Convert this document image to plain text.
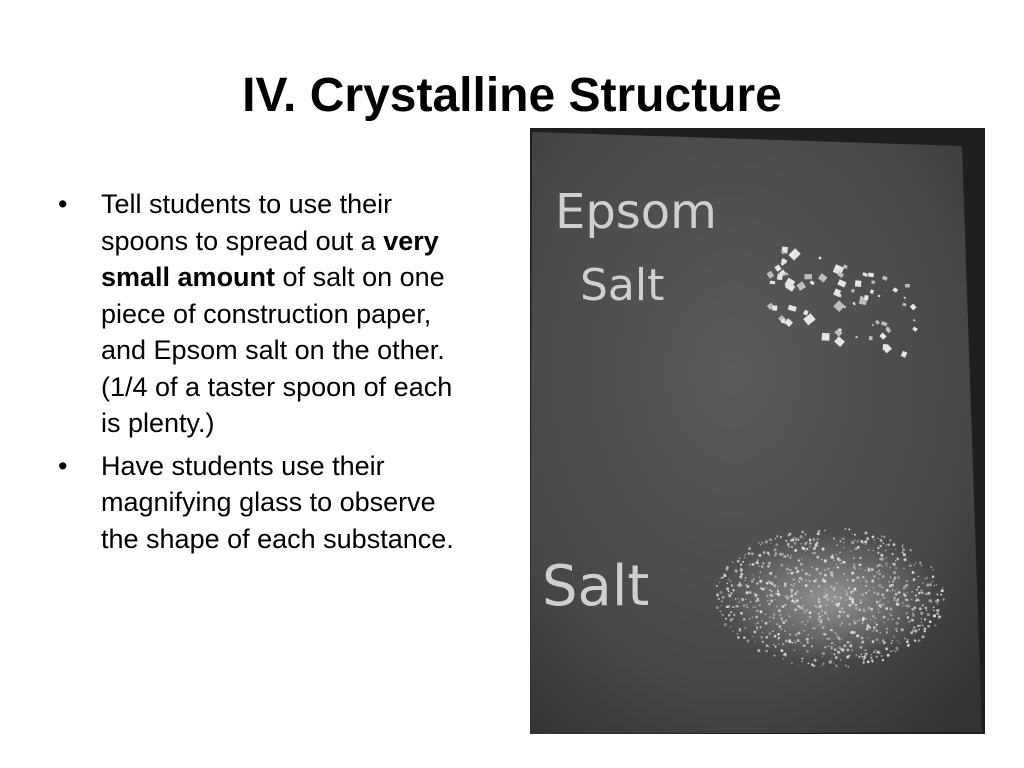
IV. Crystalline Structure
• Tell students to use their spoons to spread out a very small amount of salt on one piece of construction paper, and Epsom salt on the other. (1/4 of a taster spoon of each is plenty.)
• Have students use their magnifying glass to observe the shape of each substance.
Epsom
Salt
Salt
